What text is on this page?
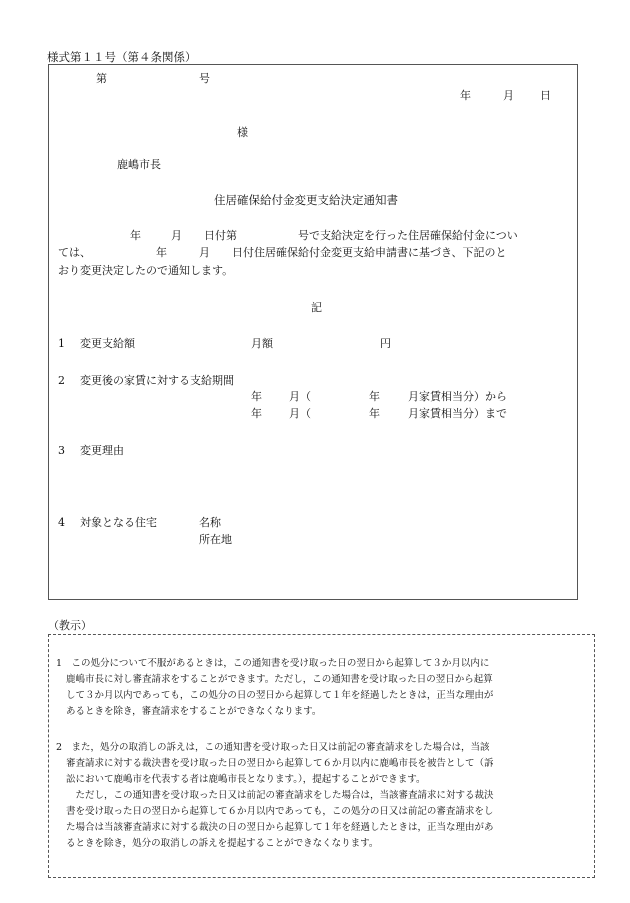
様式第１１号（第４条関係）
第	号
年	月 日
様
鹿嶋市長
住居確保給付金変更支給決定通知書
年	月 日付第	号で支給決定を行った住居確保給付金につい
ては、	年	月 日付住居確保給付金変更支給申請書に基づき、下記のと
おり変更決定したので通知します。
記
1 変更支給額	月額	円
2 変更後の家賃に対する支給期間
年 月（	年	月家賃相当分）から
年 月（	年	月家賃相当分）まで
3 変更理由
4 対象となる住宅	名称
所在地
（教示）

1　この処分について不服があるときは，この通知書を受け取った日の翌日から起算して３か月以内に

鹿嶋市長に対し審査請求をすることができます。ただし，この通知書を受け取った日の翌日から起算

して３か月以内であっても，この処分の日の翌日から起算して１年を経過したときは，正当な理由が

あるときを除き，審査請求をすることができなくなります。

2　また，処分の取消しの訴えは，この通知書を受け取った日又は前記の審査請求をした場合は，当該

審査請求に対する裁決書を受け取った日の翌日から起算して６か月以内に鹿嶋市長を被告として（訴

訟において鹿嶋市を代表する者は鹿嶋市長となります。），提起することができます。

　ただし，この通知書を受け取った日又は前記の審査請求をした場合は，当該審査請求に対する裁決

書を受け取った日の翌日から起算して６か月以内であっても，この処分の日又は前記の審査請求をし

た場合は当該審査請求に対する裁決の日の翌日から起算して１年を経過したときは，正当な理由があ

るときを除き，処分の取消しの訴えを提起することができなくなります。
